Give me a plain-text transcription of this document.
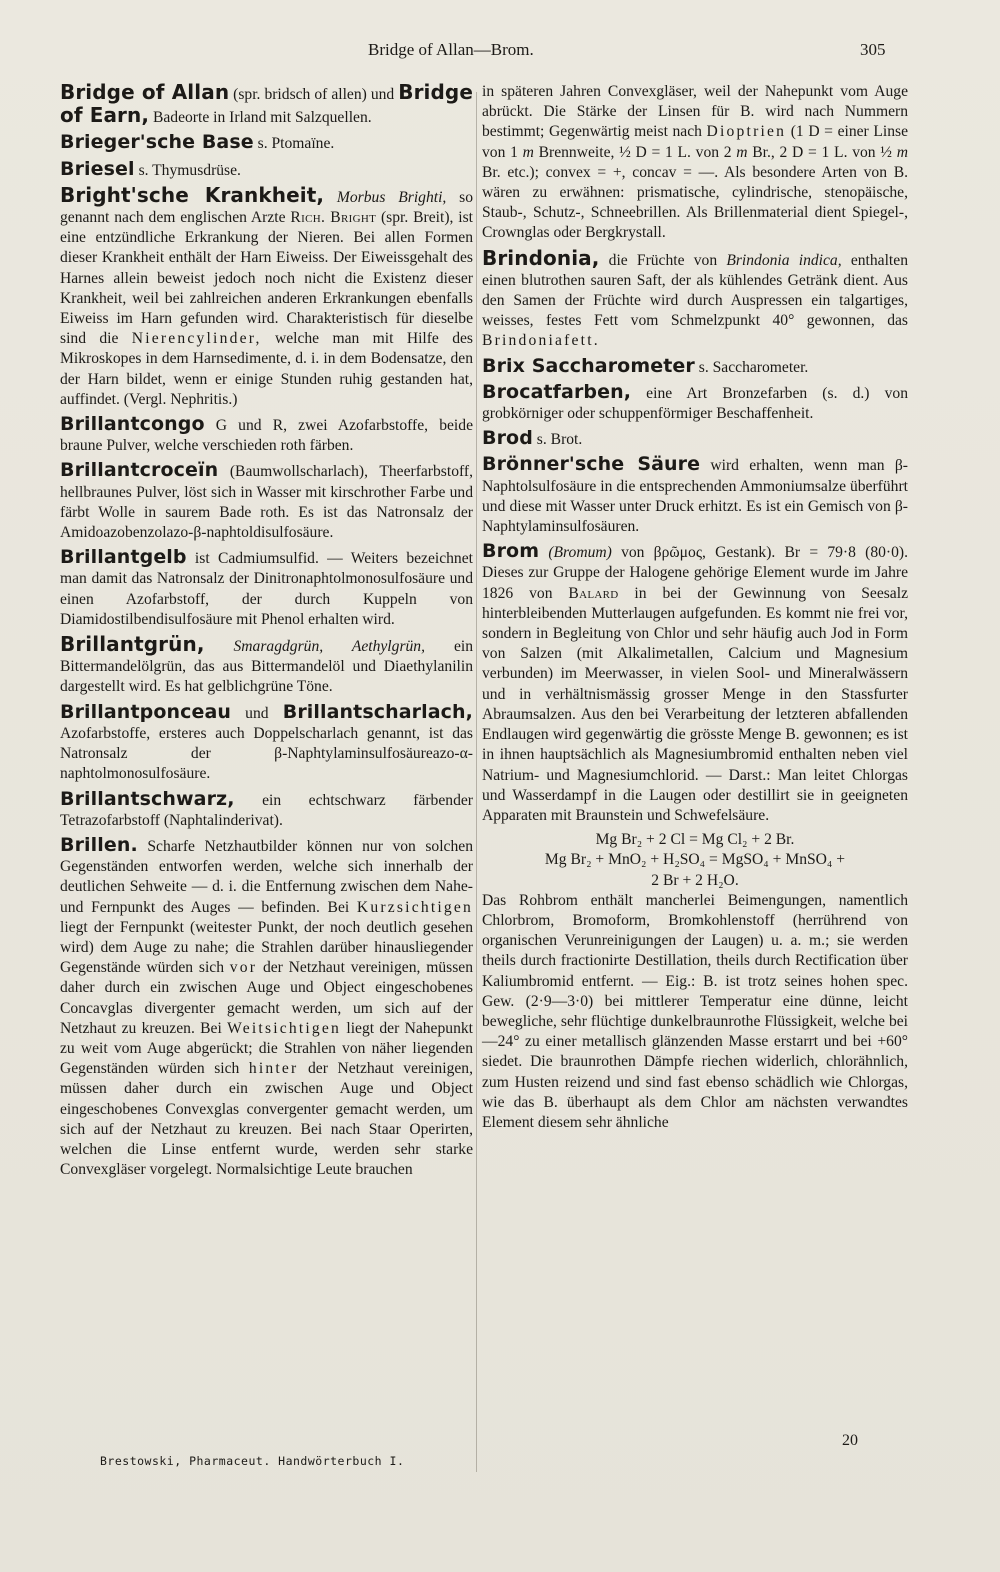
Bridge of Allan—Brom.	305

Bridge of Allan (spr. bridsch of allen) und Bridge of Earn, Badeorte in Irland mit Salzquellen.

Brieger'sche Base s. Ptomaïne.

Briesel s. Thymusdrüse.

Bright'sche Krankheit, Morbus Brighti, so genannt nach dem englischen Arzte Rich. Bright (spr. Breit), ist eine entzündliche Erkrankung der Nieren. Bei allen Formen dieser Krankheit enthält der Harn Eiweiss. Der Eiweissgehalt des Harnes allein beweist jedoch noch nicht die Existenz dieser Krankheit, weil bei zahlreichen anderen Erkrankungen ebenfalls Eiweiss im Harn gefunden wird. Charakteristisch für dieselbe sind die Nierencylinder, welche man mit Hilfe des Mikroskopes in dem Harnsedimente, d. i. in dem Bodensatze, den der Harn bildet, wenn er einige Stunden ruhig gestanden hat, auffindet. (Vergl. Nephritis.)

Brillantcongo G und R, zwei Azofarbstoffe, beide braune Pulver, welche verschieden roth färben.

Brillantcroceïn (Baumwollscharlach), Theerfarbstoff, hellbraunes Pulver, löst sich in Wasser mit kirschrother Farbe und färbt Wolle in saurem Bade roth. Es ist das Natronsalz der Amidoazobenzolazo-β-naphtoldisulfosäure.

Brillantgelb ist Cadmiumsulfid. — Weiters bezeichnet man damit das Natronsalz der Dinitronaphtolmonosulfosäure und einen Azofarbstoff, der durch Kuppeln von Diamidostilbendisulfosäure mit Phenol erhalten wird.

Brillantgrün, Smaragdgrün, Aethylgrün, ein Bittermandelölgrün, das aus Bittermandelöl und Diaethylanilin dargestellt wird. Es hat gelblichgrüne Töne.

Brillantponceau und Brillantscharlach, Azofarbstoffe, ersteres auch Doppelscharlach genannt, ist das Natronsalz der β-Naphtylaminsulfosäureazo-α-naphtolmonosulfosäure.

Brillantschwarz, ein echtschwarz färbender Tetrazofarbstoff (Naphtalinderivat).

Brillen. Scharfe Netzhautbilder können nur von solchen Gegenständen entworfen werden, welche sich innerhalb der deutlichen Sehweite — d. i. die Entfernung zwischen dem Nahe- und Fernpunkt des Auges — befinden. Bei Kurzsichtigen liegt der Fernpunkt (weitester Punkt, der noch deutlich gesehen wird) dem Auge zu nahe; die Strahlen darüber hinausliegender Gegenstände würden sich vor der Netzhaut vereinigen, müssen daher durch ein zwischen Auge und Object eingeschobenes Concavglas divergenter gemacht werden, um sich auf der Netzhaut zu kreuzen. Bei Weitsichtigen liegt der Nahepunkt zu weit vom Auge abgerückt; die Strahlen von näher liegenden Gegenständen würden sich hinter der Netzhaut vereinigen, müssen daher durch ein zwischen Auge und Object eingeschobenes Convexglas convergenter gemacht werden, um sich auf der Netzhaut zu kreuzen. Bei nach Staar Operirten, welchen die Linse entfernt wurde, werden sehr starke Convexgläser vorgelegt. Normalsichtige Leute brauchen

in späteren Jahren Convexgläser, weil der Nahepunkt vom Auge abrückt. Die Stärke der Linsen für B. wird nach Nummern bestimmt; Gegenwärtig meist nach Dioptrien (1 D = einer Linse von 1 m Brennweite, ½ D = 1 L. von 2 m Br., 2 D = 1 L. von ½ m Br. etc.); convex = +, concav = —. Als besondere Arten von B. wären zu erwähnen: prismatische, cylindrische, stenopäische, Staub-, Schutz-, Schneebrillen. Als Brillenmaterial dient Spiegel-, Crownglas oder Bergkrystall.

Brindonia, die Früchte von Brindonia indica, enthalten einen blutrothen sauren Saft, der als kühlendes Getränk dient. Aus den Samen der Früchte wird durch Auspressen ein talgartiges, weisses, festes Fett vom Schmelzpunkt 40° gewonnen, das Brindoniafett.

Brix Saccharometer s. Saccharometer.

Brocatfarben, eine Art Bronzefarben (s. d.) von grobkörniger oder schuppenförmiger Beschaffenheit.

Brod s. Brot.

Brönner'sche Säure wird erhalten, wenn man β-Naphtolsulfosäure in die entsprechenden Ammoniumsalze überführt und diese mit Wasser unter Druck erhitzt. Es ist ein Gemisch von β-Naphtylaminsulfosäuren.

Brom (Bromum) von βρῶμος, Gestank). Br = 79·8 (80·0). Dieses zur Gruppe der Halogene gehörige Element wurde im Jahre 1826 von Balard in bei der Gewinnung von Seesalz hinterbleibenden Mutterlaugen aufgefunden. Es kommt nie frei vor, sondern in Begleitung von Chlor und sehr häufig auch Jod in Form von Salzen (mit Alkalimetallen, Calcium und Magnesium verbunden) im Meerwasser, in vielen Sool- und Mineralwässern und in verhältnismässig grosser Menge in den Stassfurter Abraumsalzen. Aus den bei Verarbeitung der letzteren abfallenden Endlaugen wird gegenwärtig die grösste Menge B. gewonnen; es ist in ihnen hauptsächlich als Magnesiumbromid enthalten neben viel Natrium- und Magnesiumchlorid. — Darst.: Man leitet Chlorgas und Wasserdampf in die Laugen oder destillirt sie in geeigneten Apparaten mit Braunstein und Schwefelsäure.

Mg Br₂ + 2 Cl = Mg Cl₂ + 2 Br.

Mg Br₂ + MnO₂ + H₂SO₄ = MgSO₄ + MnSO₄ +

2 Br + 2 H₂O.

Das Rohbrom enthält mancherlei Beimengungen, namentlich Chlorbrom, Bromoform, Bromkohlenstoff (herrührend von organischen Verunreinigungen der Laugen) u. a. m.; sie werden theils durch fractionirte Destillation, theils durch Rectification über Kaliumbromid entfernt. — Eig.: B. ist trotz seines hohen spec. Gew. (2·9—3·0) bei mittlerer Temperatur eine dünne, leicht bewegliche, sehr flüchtige dunkelbraunrothe Flüssigkeit, welche bei —24° zu einer metallisch glänzenden Masse erstarrt und bei +60° siedet. Die braunrothen Dämpfe riechen widerlich, chlorähnlich, zum Husten reizend und sind fast ebenso schädlich wie Chlorgas, wie das B. überhaupt als dem Chlor am nächsten verwandtes Element diesem sehr ähnliche

20
Brestowski, Pharmaceut. Handwörterbuch I.
